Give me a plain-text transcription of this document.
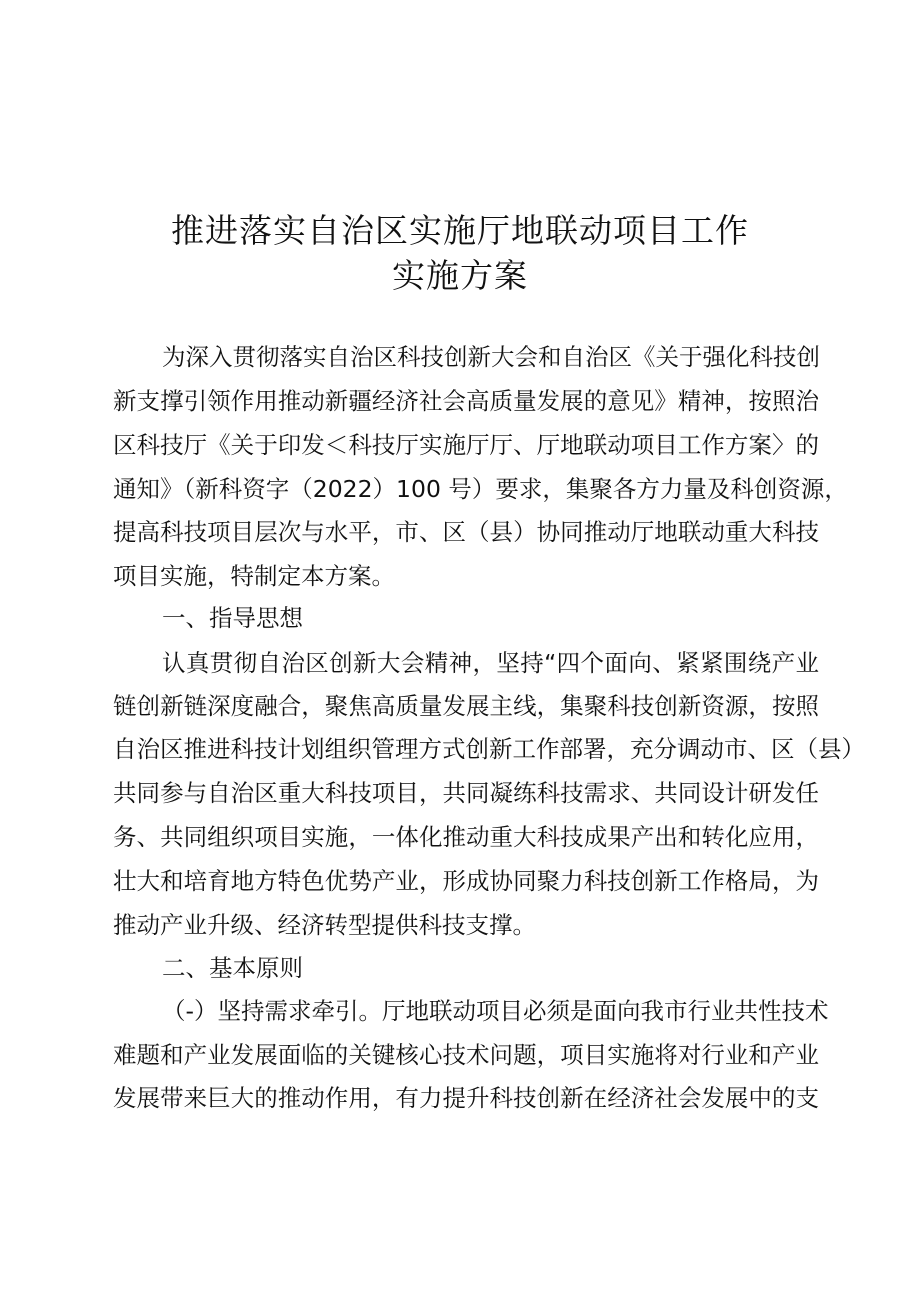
推进落实自治区实施厅地联动项目工作
实施方案
为深入贯彻落实自治区科技创新大会和自治区《关于强化科技创
新支撑引领作用推动新疆经济社会高质量发展的意见》精神，按照治
区科技厅《关于印发＜科技厅实施厅厅、厅地联动项目工作方案〉的
通知》（新科资字（2022）100 号）要求，集聚各方力量及科创资源，
提高科技项目层次与水平，市、区（县）协同推动厅地联动重大科技
项目实施，特制定本方案。
一、指导思想
认真贯彻自治区创新大会精神，坚持“四个面向、紧紧围绕产业
链创新链深度融合，聚焦高质量发展主线，集聚科技创新资源，按照
自治区推进科技计划组织管理方式创新工作部署，充分调动市、区（县）
共同参与自治区重大科技项目，共同凝练科技需求、共同设计研发任
务、共同组织项目实施，一体化推动重大科技成果产出和转化应用，
壮大和培育地方特色优势产业，形成协同聚力科技创新工作格局，为
推动产业升级、经济转型提供科技支撑。
二、基本原则
（-）坚持需求牵引。厅地联动项目必须是面向我市行业共性技术
难题和产业发展面临的关键核心技术问题，项目实施将对行业和产业
发展带来巨大的推动作用，有力提升科技创新在经济社会发展中的支
